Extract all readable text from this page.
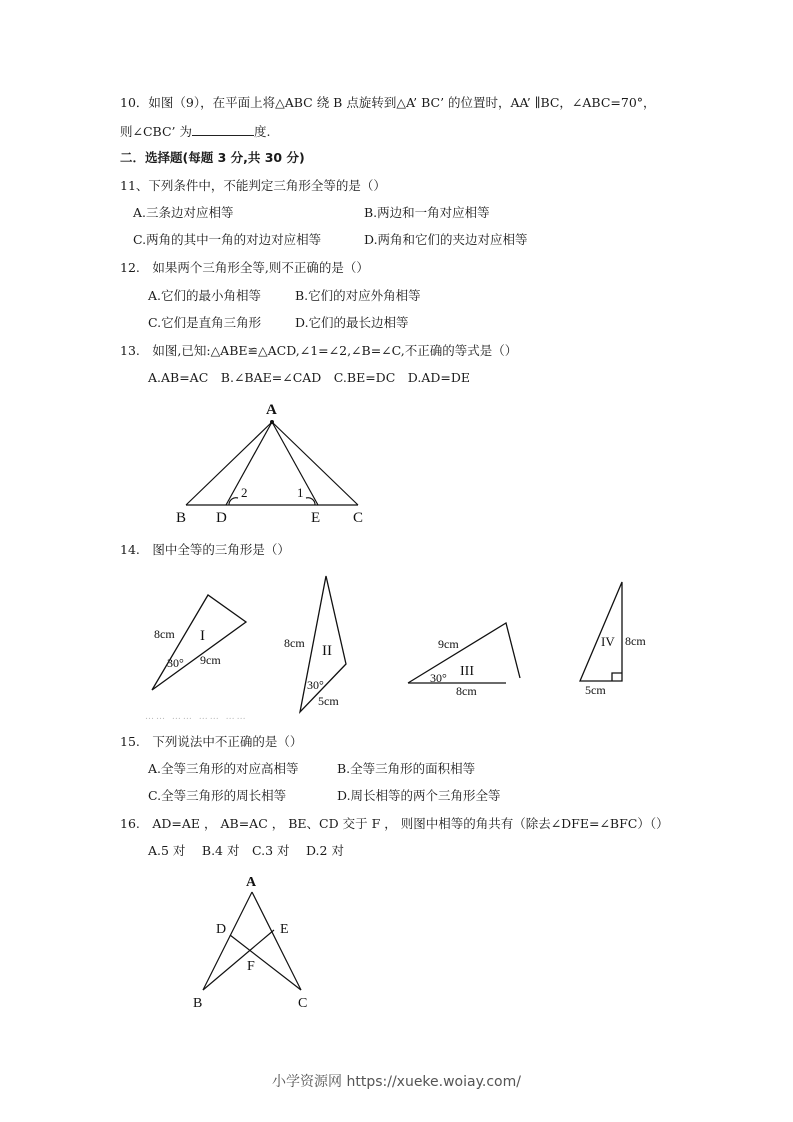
10．如图（9），在平面上将△ABC 绕 B 点旋转到△A’ BC’ 的位置时，AA’ ∥BC，∠ABC=70°，
则∠CBC’ 为	度.
二．选择题(每题 3 分,共 30 分)
11、下列条件中，不能判定三角形全等的是（）
A.三条边对应相等	B.两边和一角对应相等
C.两角的其中一角的对边对应相等	D.两角和它们的夹边对应相等
12.　如果两个三角形全等,则不正确的是（）
A.它们的最小角相等	B.它们的对应外角相等
C.它们是直角三角形	D.它们的最长边相等
13.　如图,已知:△ABE≌△ACD,∠1=∠2,∠B=∠C,不正确的等式是（）
A.AB=AC　B.∠BAE=∠CAD　C.BE=DC　D.AD=DE
A
B D	E C
2	1
14.　图中全等的三角形是（）
8cm I
30° 9cm
8cm II
30°
5cm
9cm
III
30°
8cm
IV 8cm
5cm
…… …… …… ……
15.　下列说法中不正确的是（）
A.全等三角形的对应高相等	B.全等三角形的面积相等
C.全等三角形的周长相等	D.周长相等的两个三角形全等
16.　AD=AE ， AB=AC ， BE、CD 交于 F ， 则图中相等的角共有（除去∠DFE=∠BFC）（）
A.5 对　 B.4 对　C.3 对　 D.2 对
A
B	C
D	E
F
小学资源网 https://xueke.woiay.com/
